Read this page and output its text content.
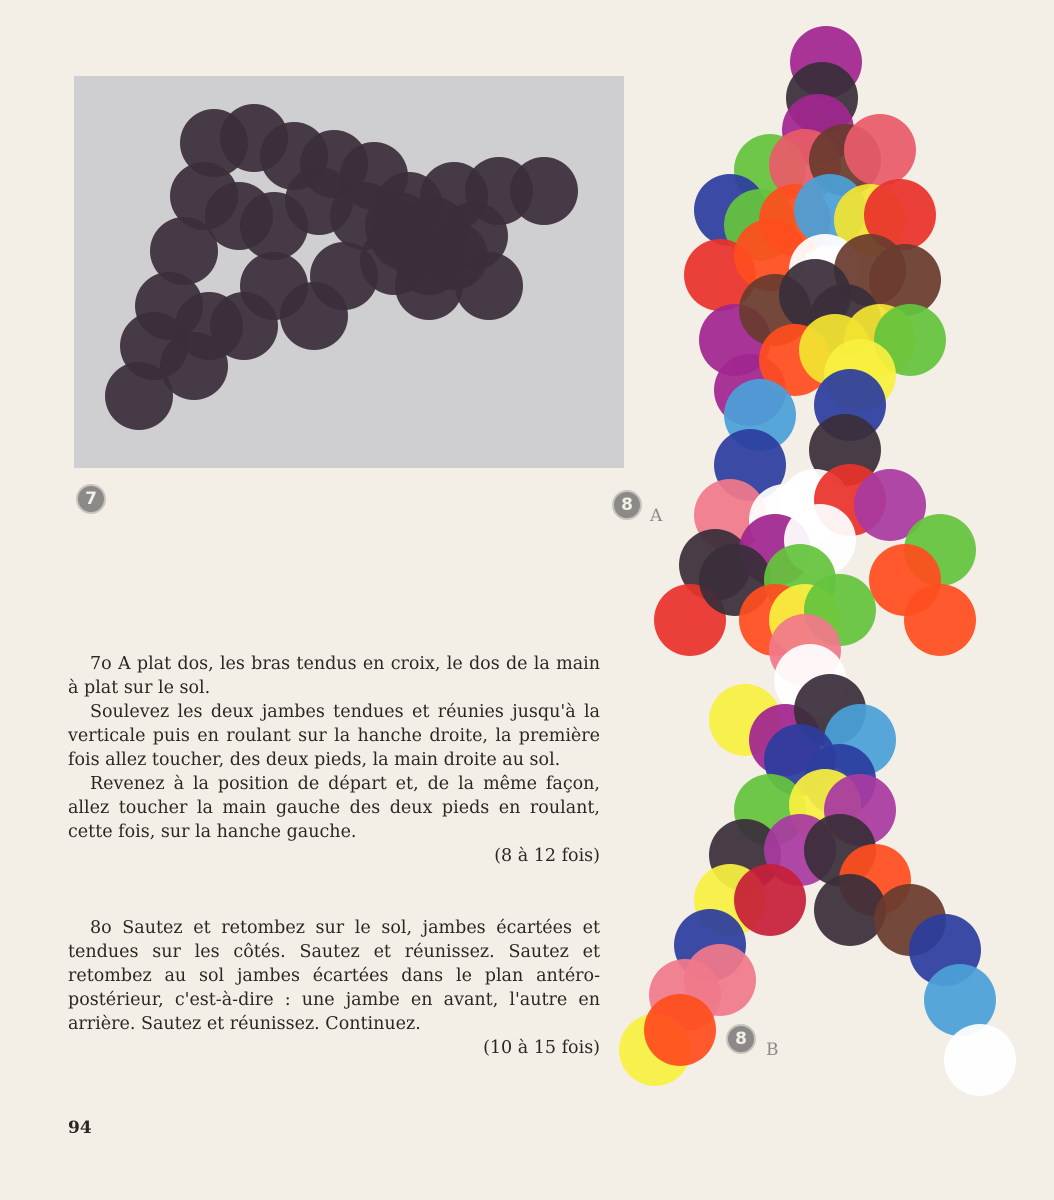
7	8
A
8
B

7o A plat dos, les bras tendus en croix, le dos de la main à plat sur le sol.

Soulevez les deux jambes tendues et réunies jusqu'à la verticale puis en roulant sur la hanche droite, la première fois allez toucher, des deux pieds, la main droite au sol.

Revenez à la position de départ et, de la même façon, allez toucher la main gauche des deux pieds en roulant, cette fois, sur la hanche gauche.

(8 à 12 fois)

8o Sautez et retombez sur le sol, jambes écartées et tendues sur les côtés. Sautez et réunissez. Sautez et retombez au sol jambes écartées dans le plan antéro-postérieur, c'est-à-dire : une jambe en avant, l'autre en arrière. Sautez et réunissez. Continuez.

(10 à 15 fois)

94
